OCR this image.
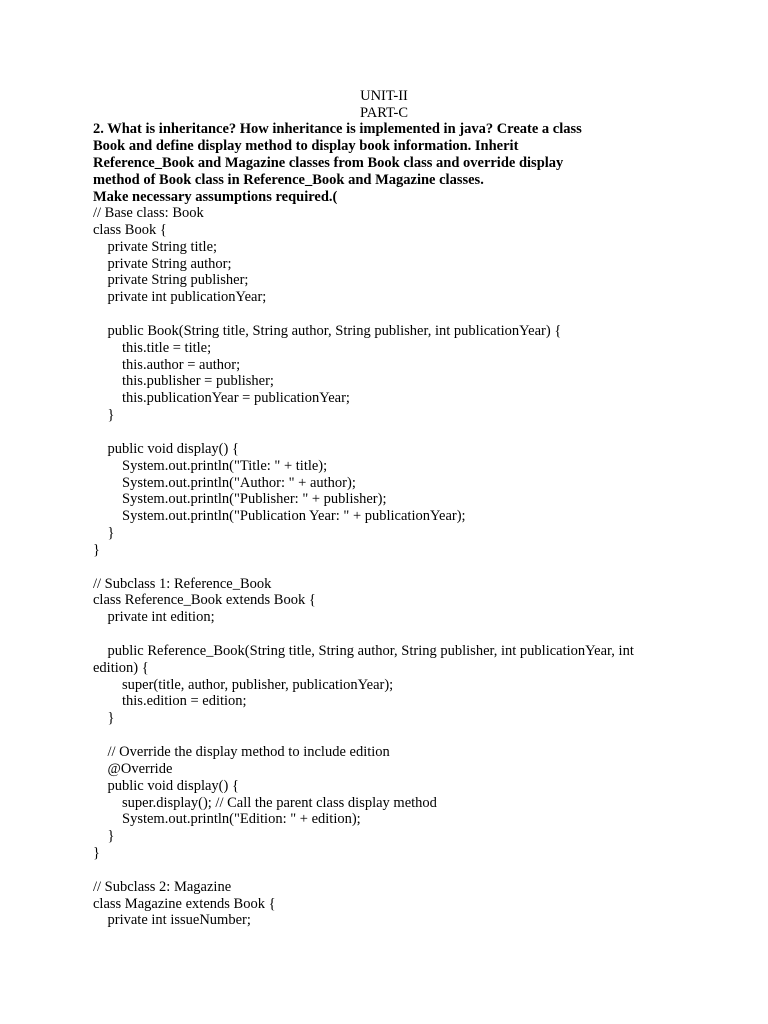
UNIT-II
PART-C
2. What is inheritance? How inheritance is implemented in java? Create a class
Book and define display method to display book information. Inherit
Reference_Book and Magazine classes from Book class and override display
method of Book class in Reference_Book and Magazine classes.
Make necessary assumptions required.(
// Base class: Book
class Book {
private String title;
private String author;
private String publisher;
private int publicationYear;
public Book(String title, String author, String publisher, int publicationYear) {
this.title = title;
this.author = author;
this.publisher = publisher;
this.publicationYear = publicationYear;
}
public void display() {
System.out.println("Title: " + title);
System.out.println("Author: " + author);
System.out.println("Publisher: " + publisher);
System.out.println("Publication Year: " + publicationYear);
}
}
// Subclass 1: Reference_Book
class Reference_Book extends Book {
private int edition;
public Reference_Book(String title, String author, String publisher, int publicationYear, int
edition) {
super(title, author, publisher, publicationYear);
this.edition = edition;
}
// Override the display method to include edition
@Override
public void display() {
super.display(); // Call the parent class display method
System.out.println("Edition: " + edition);
}
}
// Subclass 2: Magazine
class Magazine extends Book {
private int issueNumber;
